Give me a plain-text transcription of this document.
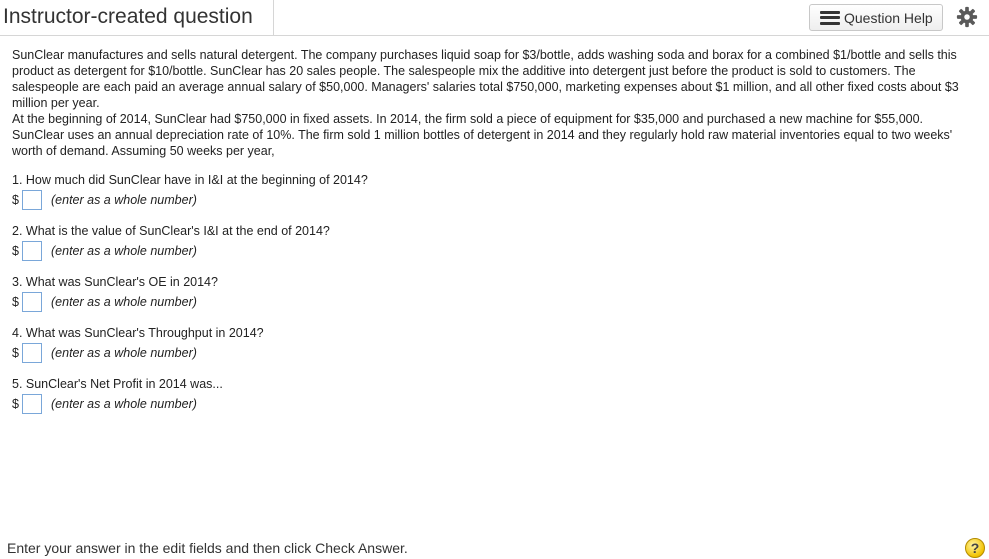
Instructor-created question	Question Help

SunClear manufactures and sells natural detergent. The company purchases liquid soap for $3/bottle, adds washing soda and borax for a combined $1/bottle and sells this product as detergent for $10/bottle. SunClear has 20 sales people. The salespeople mix the additive into detergent just before the product is sold to customers. The salespeople are each paid an average annual salary of $50,000. Managers' salaries total $750,000, marketing expenses about $1 million, and all other fixed costs about $3 million per year.

At the beginning of 2014, SunClear had $750,000 in fixed assets. In 2014, the firm sold a piece of equipment for $35,000 and purchased a new machine for $55,000. SunClear uses an annual depreciation rate of 10%. The firm sold 1 million bottles of detergent in 2014 and they regularly hold raw material inventories equal to two weeks' worth of demand. Assuming 50 weeks per year,

1. How much did SunClear have in I&I at the beginning of 2014?
$	(enter as a whole number)
2. What is the value of SunClear's I&I at the end of 2014?
$	(enter as a whole number)
3. What was SunClear's OE in 2014?
$	(enter as a whole number)
4. What was SunClear's Throughput in 2014?
$	(enter as a whole number)
5. SunClear's Net Profit in 2014 was...
$	(enter as a whole number)
Enter your answer in the edit fields and then click Check Answer.	?
